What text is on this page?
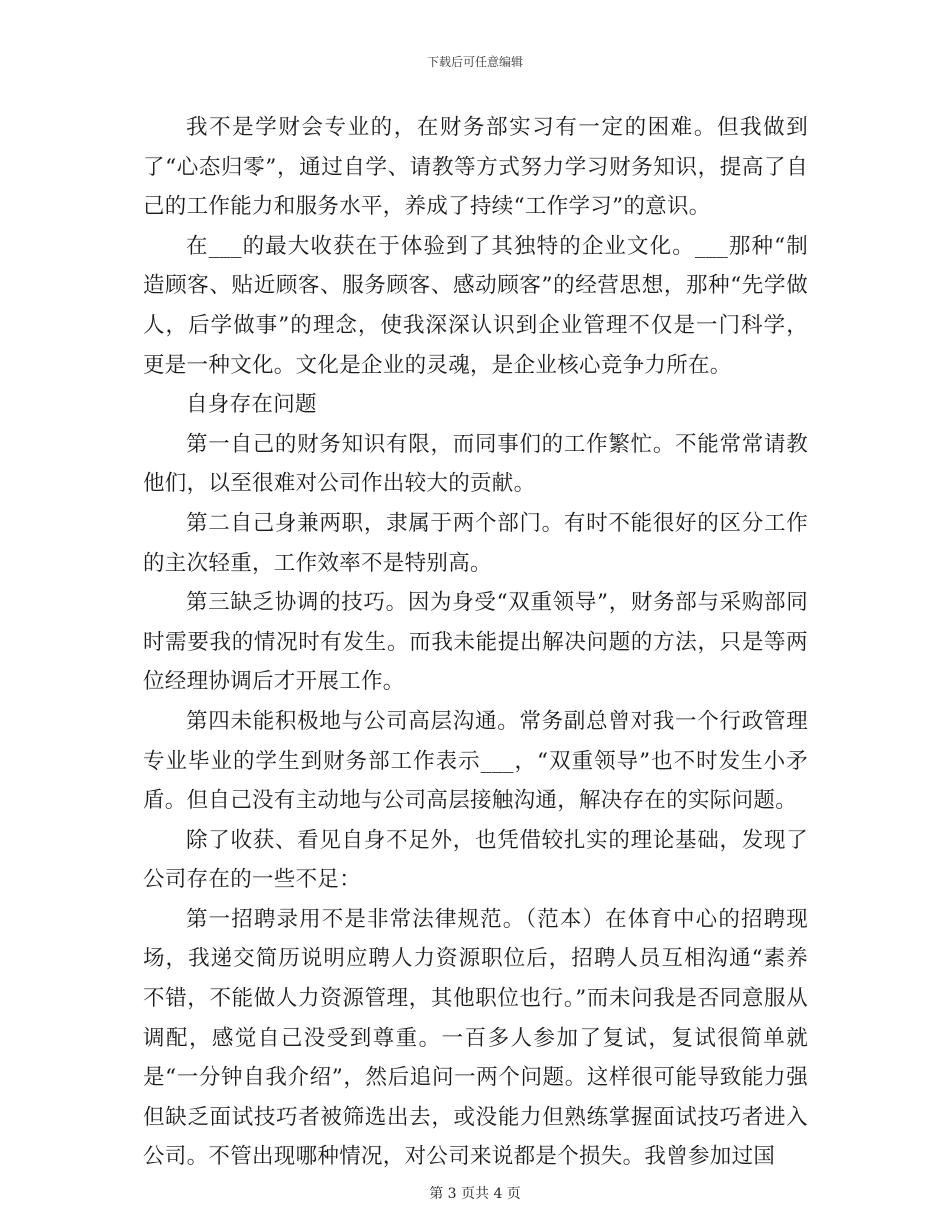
下载后可任意编辑

我不是学财会专业的，在财务部实习有一定的困难。但我做到了“心态归零”，通过自学、请教等方式努力学习财务知识，提高了自己的工作能力和服务水平，养成了持续“工作学习”的意识。

在___的最大收获在于体验到了其独特的企业文化。___那种“制造顾客、贴近顾客、服务顾客、感动顾客”的经营思想，那种“先学做人，后学做事”的理念，使我深深认识到企业管理不仅是一门科学，更是一种文化。文化是企业的灵魂，是企业核心竞争力所在。

自身存在问题

第一自己的财务知识有限，而同事们的工作繁忙。不能常常请教他们，以至很难对公司作出较大的贡献。

第二自己身兼两职，隶属于两个部门。有时不能很好的区分工作的主次轻重，工作效率不是特别高。

第三缺乏协调的技巧。因为身受“双重领导”，财务部与采购部同时需要我的情况时有发生。而我未能提出解决问题的方法，只是等两位经理协调后才开展工作。

第四未能积极地与公司高层沟通。常务副总曾对我一个行政管理专业毕业的学生到财务部工作表示___，“双重领导”也不时发生小矛盾。但自己没有主动地与公司高层接触沟通，解决存在的实际问题。

除了收获、看见自身不足外，也凭借较扎实的理论基础，发现了公司存在的一些不足：

第一招聘录用不是非常法律规范。（范本）在体育中心的招聘现场，我递交简历说明应聘人力资源职位后，招聘人员互相沟通“素养不错，不能做人力资源管理，其他职位也行。”而未问我是否同意服从调配，感觉自己没受到尊重。一百多人参加了复试，复试很简单就是“一分钟自我介绍”，然后追问一两个问题。这样很可能导致能力强但缺乏面试技巧者被筛选出去，或没能力但熟练掌握面试技巧者进入公司。不管出现哪种情况，对公司来说都是个损失。我曾参加过国

第 3 页共 4 页
